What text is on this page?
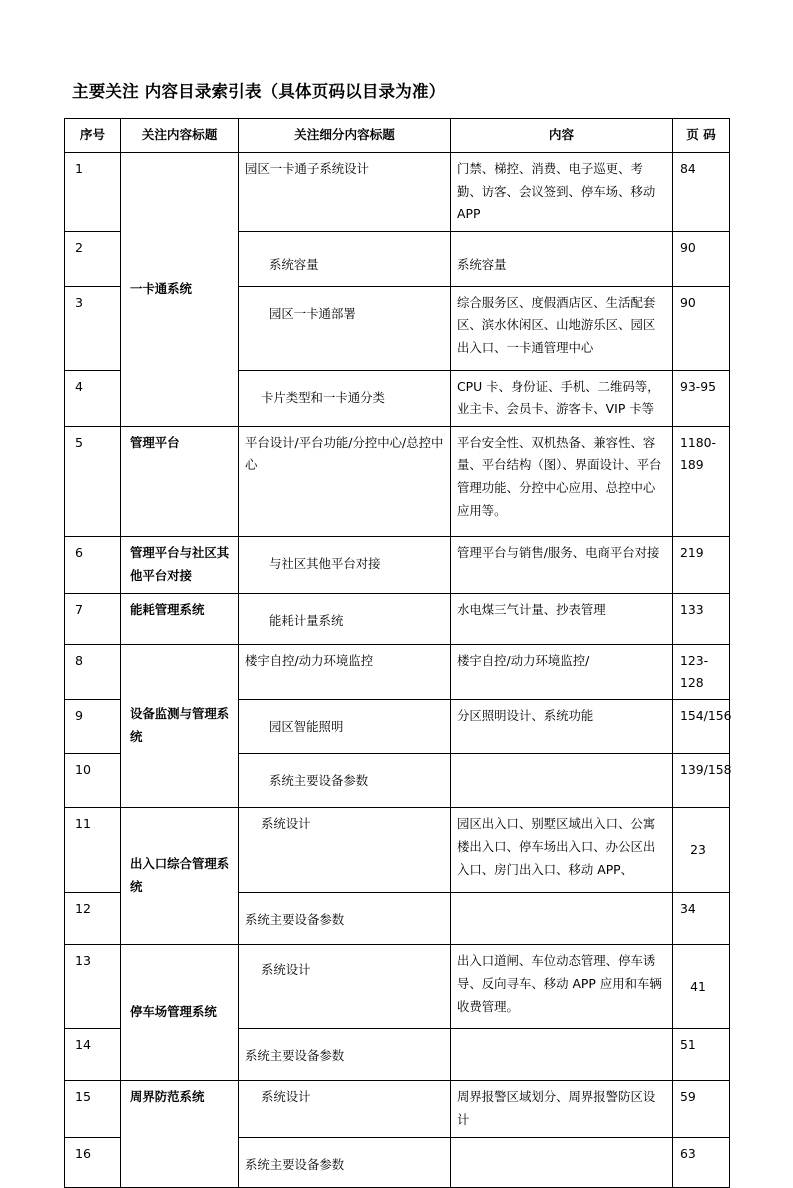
主要关注 内容目录索引表（具体页码以目录为准）
序号	关注内容标题	关注细分内容标题	内容	页 码
1	一卡通系统	园区一卡通子系统设计	门禁、梯控、消费、电子巡更、考勤、访客、会议签到、停车场、移动 APP	84
2		系统容量	系统容量	90
3		园区一卡通部署	综合服务区、度假酒店区、生活配套区、滨水休闲区、山地游乐区、园区出入口、一卡通管理中心	90
4		卡片类型和一卡通分类	CPU 卡、身份证、手机、二维码等，业主卡、会员卡、游客卡、VIP 卡等	93-95
5	管理平台	平台设计/平台功能/分控中心/总控中心	平台安全性、双机热备、兼容性、容量、平台结构（图）、界面设计、平台管理功能、分控中心应用、总控中心应用等。	1180-189
6	管理平台与社区其他平台对接	与社区其他平台对接	管理平台与销售/服务、电商平台对接	219
7	能耗管理系统	能耗计量系统	水电煤三气计量、抄表管理	133
8	设备监测与管理系统	楼宇自控/动力环境监控	楼宇自控/动力环境监控/	123-128
9		园区智能照明	分区照明设计、系统功能	154/156
10		系统主要设备参数		139/158
11	出入口综合管理系统	系统设计	园区出入口、别墅区域出入口、公寓楼出入口、停车场出入口、办公区出入口、房门出入口、移动 APP、	23
12		系统主要设备参数		34
13	停车场管理系统	系统设计	出入口道闸、车位动态管理、停车诱导、反向寻车、移动 APP 应用和车辆收费管理。	41
14		系统主要设备参数		51
15	周界防范系统	系统设计	周界报警区域划分、周界报警防区设计	59
16		系统主要设备参数		63
